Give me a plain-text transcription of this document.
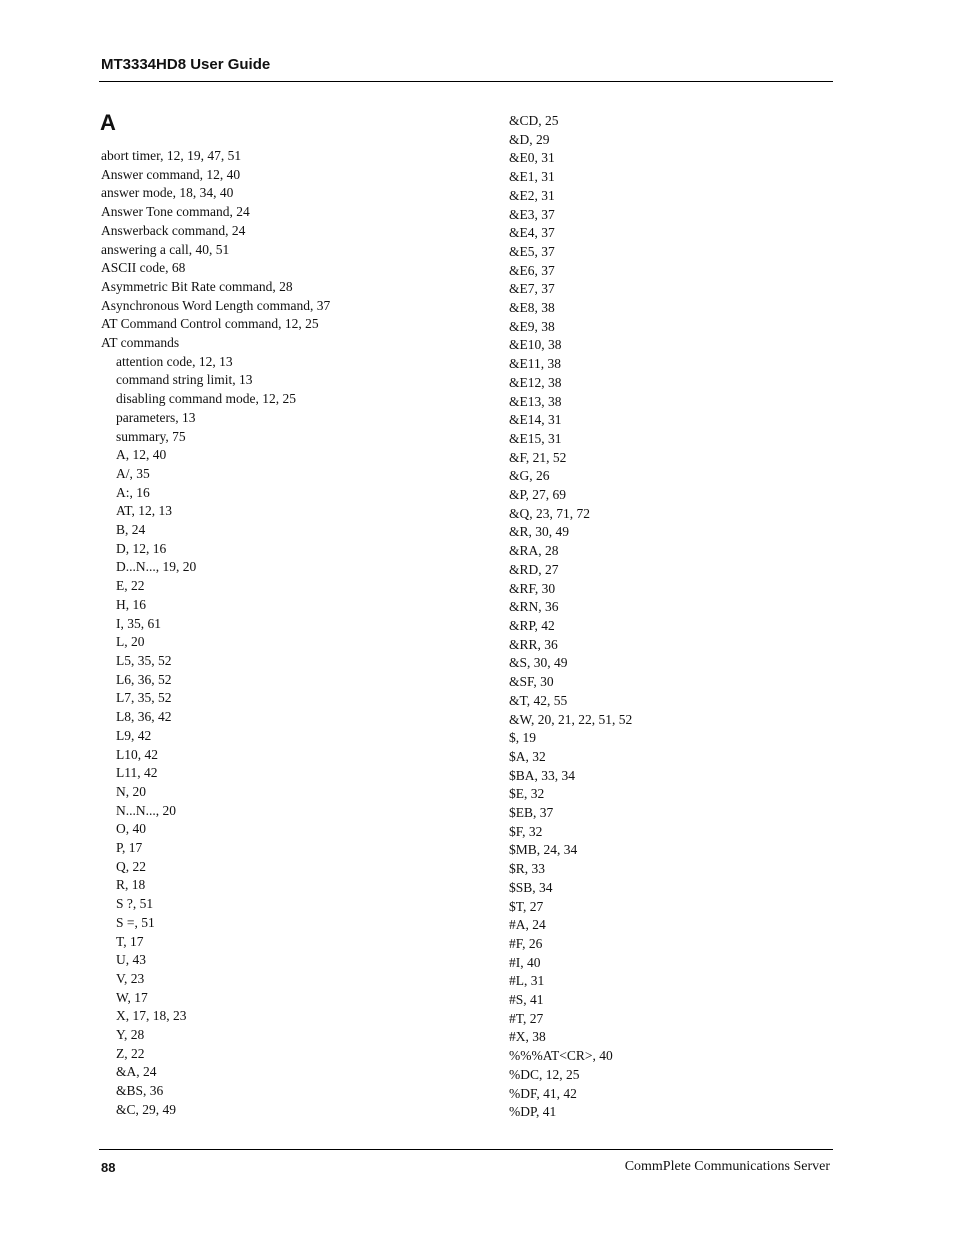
MT3334HD8 User Guide
A
abort timer, 12, 19, 47, 51
Answer command, 12, 40
answer mode, 18, 34, 40
Answer Tone command, 24
Answerback command, 24
answering a call, 40, 51
ASCII code, 68
Asymmetric Bit Rate command, 28
Asynchronous Word Length command, 37
AT Command Control command, 12, 25
AT commands
attention code, 12, 13
command string limit, 13
disabling command mode, 12, 25
parameters, 13
summary, 75
A, 12, 40
A/, 35
A:, 16
AT, 12, 13
B, 24
D, 12, 16
D...N..., 19, 20
E, 22
H, 16
I, 35, 61
L, 20
L5, 35, 52
L6, 36, 52
L7, 35, 52
L8, 36, 42
L9, 42
L10, 42
L11, 42
N, 20
N...N..., 20
O, 40
P, 17
Q, 22
R, 18
S ?, 51
S =, 51
T, 17
U, 43
V, 23
W, 17
X, 17, 18, 23
Y, 28
Z, 22
&A, 24
&BS, 36
&C, 29, 49
&CD, 25
&D, 29
&E0, 31
&E1, 31
&E2, 31
&E3, 37
&E4, 37
&E5, 37
&E6, 37
&E7, 37
&E8, 38
&E9, 38
&E10, 38
&E11, 38
&E12, 38
&E13, 38
&E14, 31
&E15, 31
&F, 21, 52
&G, 26
&P, 27, 69
&Q, 23, 71, 72
&R, 30, 49
&RA, 28
&RD, 27
&RF, 30
&RN, 36
&RP, 42
&RR, 36
&S, 30, 49
&SF, 30
&T, 42, 55
&W, 20, 21, 22, 51, 52
$, 19
$A, 32
$BA, 33, 34
$E, 32
$EB, 37
$F, 32
$MB, 24, 34
$R, 33
$SB, 34
$T, 27
#A, 24
#F, 26
#I, 40
#L, 31
#S, 41
#T, 27
#X, 38
%%%AT<CR>, 40
%DC, 12, 25
%DF, 41, 42
%DP, 41
88	CommPlete Communications Server
